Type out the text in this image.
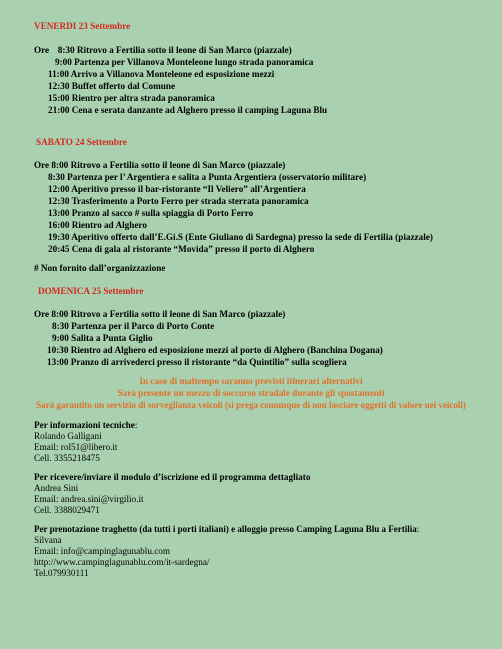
VENERDI 23 Settembre
Ore 8:30 Ritrovo a Fertilia sotto il leone di San Marco (piazzale)
9:00 Partenza per Villanova Monteleone lungo strada panoramica
11:00 Arrivo a Villanova Monteleone ed esposizione mezzi
12:30 Buffet offerto dal Comune
15:00 Rientro per altra strada panoramica
21:00 Cena e serata danzante ad Alghero presso il camping Laguna Blu
SABATO 24 Settembre
Ore 8:00 Ritrovo a Fertilia sotto il leone di San Marco (piazzale)
8:30 Partenza per l’ Argentiera e salita a Punta Argentiera (osservatorio militare)
12:00 Aperitivo presso il bar-ristorante “Il Veliero” all’Argentiera
12:30 Trasferimento a Porto Ferro per strada sterrata panoramica
13:00 Pranzo al sacco # sulla spiaggia di Porto Ferro
16:00 Rientro ad Alghero
19:30 Aperitivo offerto dall’E.Gi.S (Ente Giuliano di Sardegna) presso la sede di Fertilia (piazzale)
20:45 Cena di gala al ristorante “Movida” presso il porto di Alghero
# Non fornito dall’organizzazione
DOMENICA 25 Settembre
Ore 8:00 Ritrovo a Fertilia sotto il leone di San Marco (piazzale)
8:30 Partenza per il Parco di Porto Conte
9:00 Salita a Punta Giglio
10:30 Rientro ad Alghero ed esposizione mezzi al porto di Alghero (Banchina Dogana)
13:00 Pranzo di arrivederci presso il ristorante “da Quintilio” sulla scogliera
In caso di maltempo saranno previsti itinerari alternativi
Sarà presente un mezzo di soccorso stradale durante gli spostamenti
Sarà garantito un servizio di sorveglianza veicoli (si prega comunque di non lasciare oggetti di valore nei veicoli)
Per informazioni tecniche:
Rolando Galligani
Email: rol51@libero.it
Cell. 3355218475
Per ricevere/inviare il modulo d’iscrizione ed il programma dettagliato
Andrea Sini
Email: andrea.sini@virgilio.it
Cell. 3388029471
Per prenotazione traghetto (da tutti i porti italiani) e alloggio presso Camping Laguna Blu a Fertilia:
Silvana
Email: info@campinglagunablu.com
http://www.campinglagunablu.com/it-sardegna/
Tel.079930111
